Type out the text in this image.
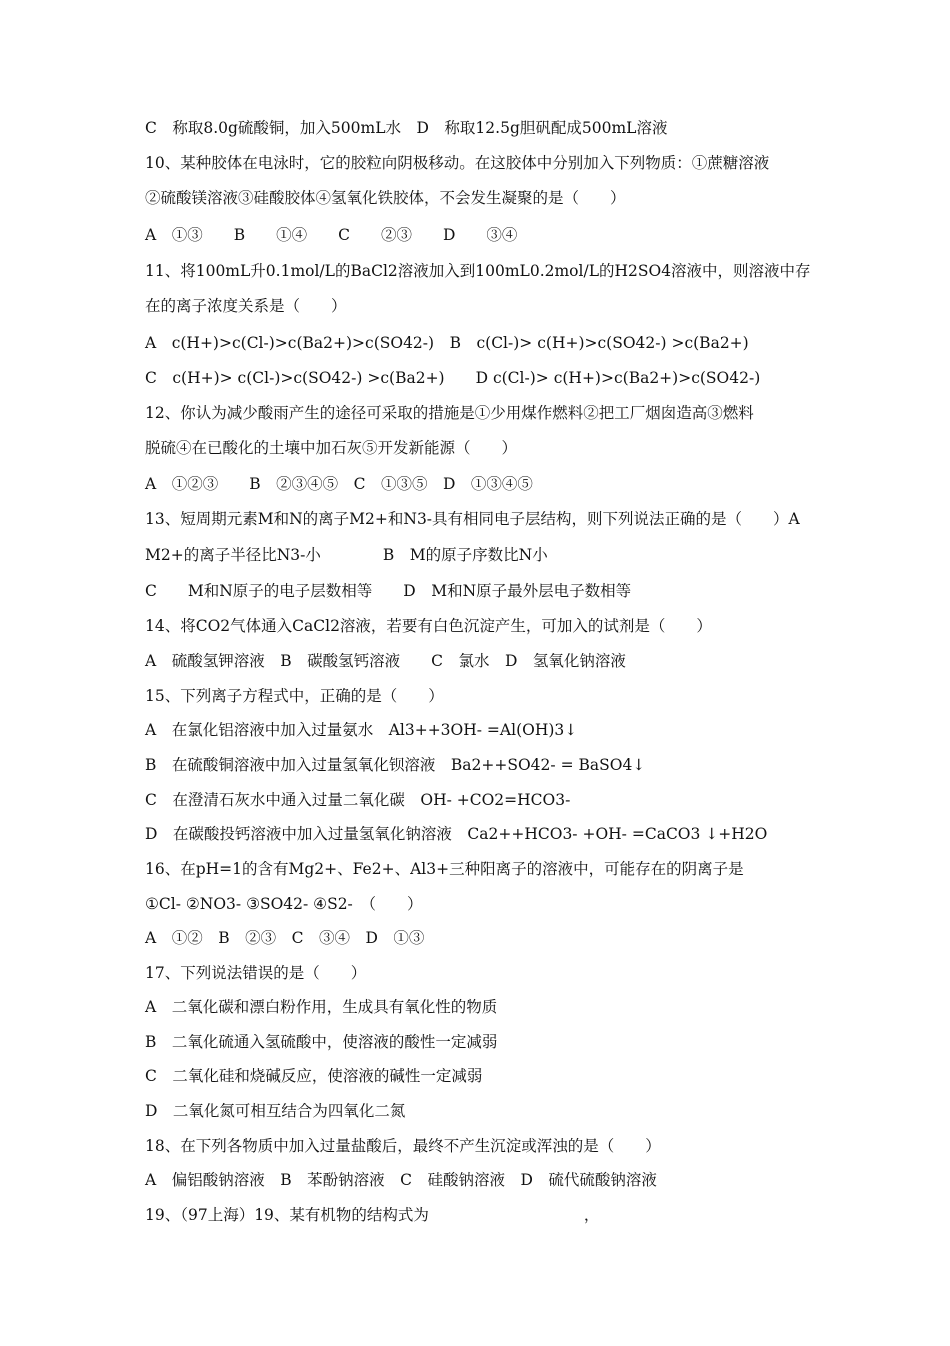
C　称取8.0g硫酸铜，加入500mL水　D　称取12.5g胆矾配成500mL溶液
10、某种胶体在电泳时，它的胶粒向阴极移动。在这胶体中分别加入下列物质：①蔗糖溶液
②硫酸镁溶液③硅酸胶体④氢氧化铁胶体，不会发生凝聚的是（　　）
A　①③　　B　　①④　　C　　②③　　D　　③④
11、将100mL升0.1mol/L的BaCl2溶液加入到100mL0.2mol/L的H2SO4溶液中，则溶液中存
在的离子浓度关系是（　　）
A　c(H+)>c(Cl-)>c(Ba2+)>c(SO42-)　B　c(Cl-)> c(H+)>c(SO42-) >c(Ba2+)
C　c(H+)> c(Cl-)>c(SO42-) >c(Ba2+)　　D c(Cl-)> c(H+)>c(Ba2+)>c(SO42-)
12、你认为减少酸雨产生的途径可采取的措施是①少用煤作燃料②把工厂烟囱造高③燃料
脱硫④在已酸化的土壤中加石灰⑤开发新能源（　　）
A　①②③　　B　②③④⑤　C　①③⑤　D　①③④⑤
13、短周期元素M和N的离子M2+和N3-具有相同电子层结构，则下列说法正确的是（　　）A
M2+的离子半径比N3-小　　　　B　M的原子序数比N小
C　　M和N原子的电子层数相等　　D　M和N原子最外层电子数相等
14、将CO2气体通入CaCl2溶液，若要有白色沉淀产生，可加入的试剂是（　　）
A　硫酸氢钾溶液　B　碳酸氢钙溶液　　C　氯水　D　氢氧化钠溶液
15、下列离子方程式中，正确的是（　　）
A　在氯化铝溶液中加入过量氨水　Al3++3OH- =Al(OH)3↓
B　在硫酸铜溶液中加入过量氢氧化钡溶液　Ba2++SO42- = BaSO4↓
C　在澄清石灰水中通入过量二氧化碳　OH- +CO2=HCO3-
D　在碳酸投钙溶液中加入过量氢氧化钠溶液　Ca2++HCO3- +OH- =CaCO3 ↓+H2O
16、在pH=1的含有Mg2+、Fe2+、Al3+三种阳离子的溶液中，可能存在的阴离子是
①Cl- ②NO3- ③SO42- ④S2-　（　　）
A　①②　B　②③　C　③④　D　①③
17、下列说法错误的是（　　）
A　二氧化碳和漂白粉作用，生成具有氧化性的物质
B　二氧化硫通入氢硫酸中，使溶液的酸性一定减弱
C　二氧化硅和烧碱反应，使溶液的碱性一定减弱
D　二氧化氮可相互结合为四氧化二氮
18、在下列各物质中加入过量盐酸后，最终不产生沉淀或浑浊的是（　　）
A　偏铝酸钠溶液　B　苯酚钠溶液　C　硅酸钠溶液　D　硫代硫酸钠溶液
19、（97上海）19、某有机物的结构式为　　　　　　　　　　，
